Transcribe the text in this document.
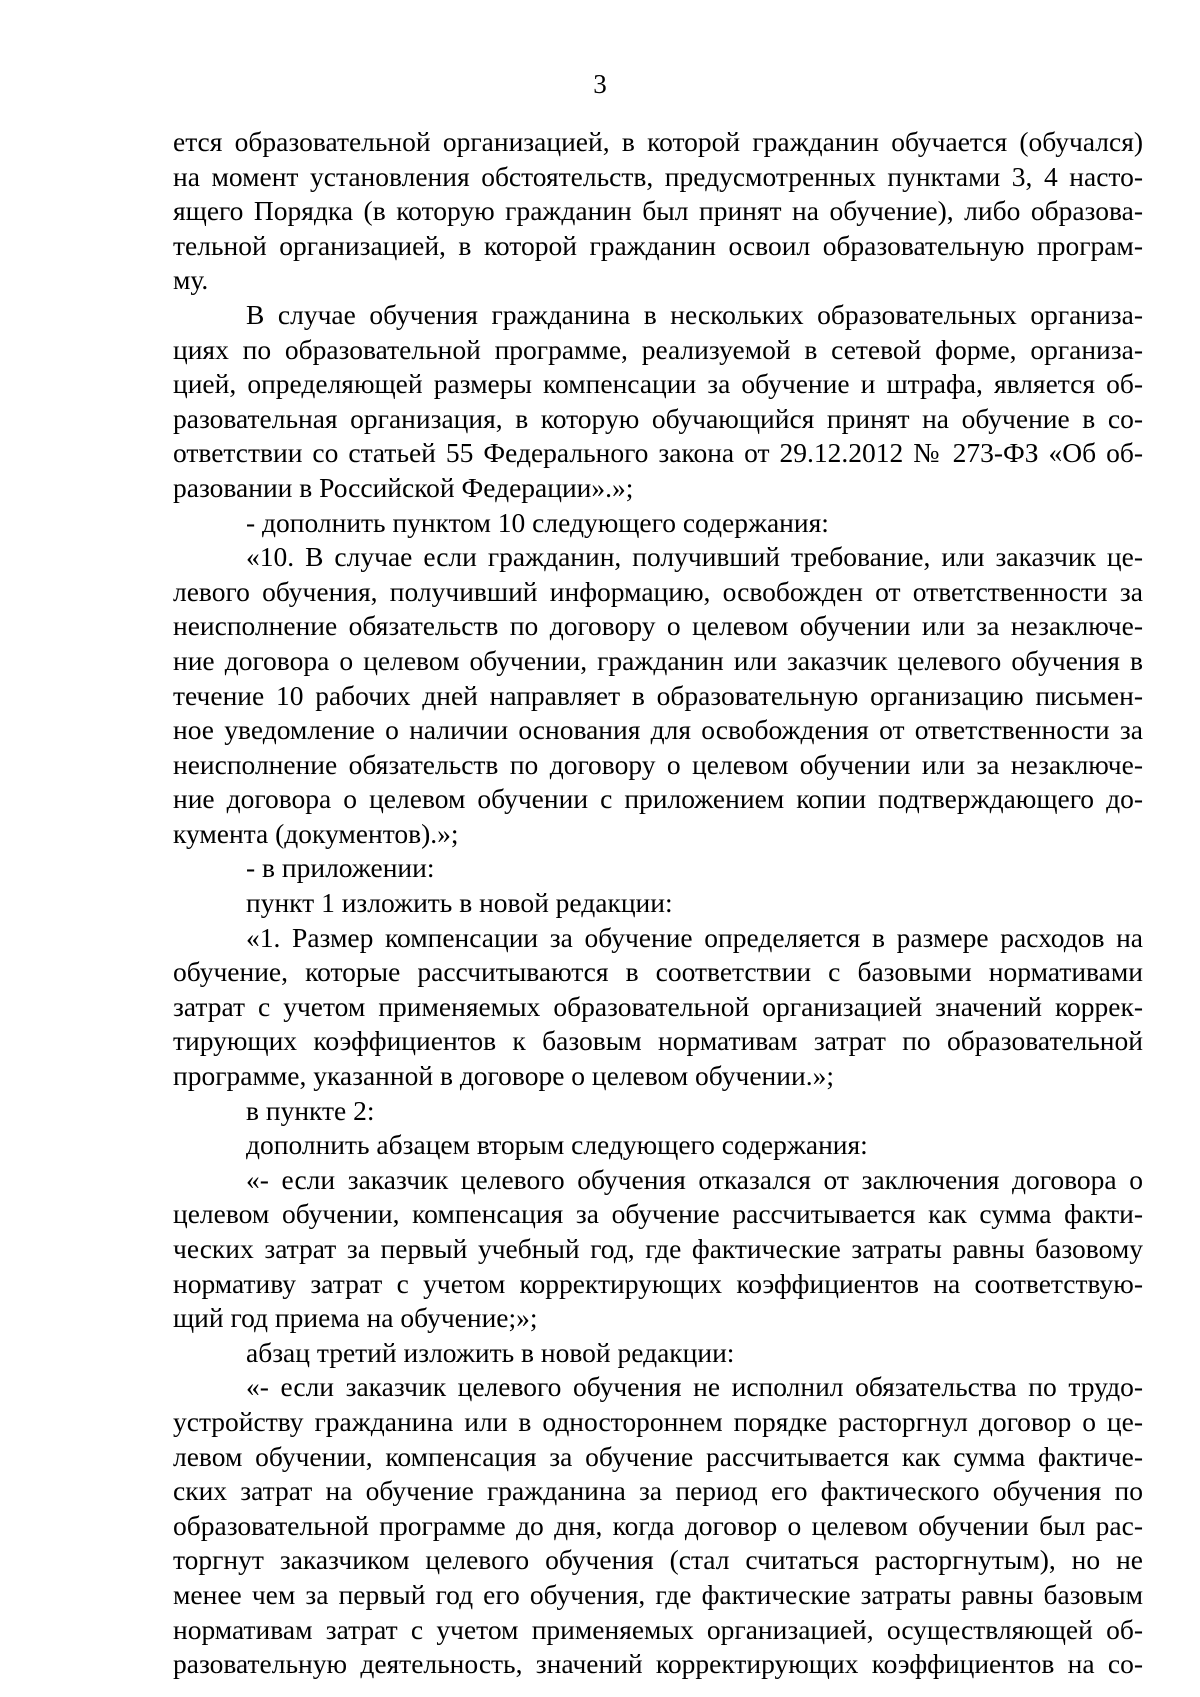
3
ется образовательной организацией, в которой гражданин обучается (обучался)
на момент установления обстоятельств, предусмотренных пунктами 3, 4 насто-
ящего Порядка (в которую гражданин был принят на обучение), либо образова-
тельной организацией, в которой гражданин освоил образовательную програм-
му.
В случае обучения гражданина в нескольких образовательных организа-
циях по образовательной программе, реализуемой в сетевой форме, организа-
цией, определяющей размеры компенсации за обучение и штрафа, является об-
разовательная организация, в которую обучающийся принят на обучение в со-
ответствии со статьей 55 Федерального закона от 29.12.2012 № 273-ФЗ «Об об-
разовании в Российской Федерации».»;
- дополнить пунктом 10 следующего содержания:
«10. В случае если гражданин, получивший требование, или заказчик це-
левого обучения, получивший информацию, освобожден от ответственности за
неисполнение обязательств по договору о целевом обучении или за незаключе-
ние договора о целевом обучении, гражданин или заказчик целевого обучения в
течение 10 рабочих дней направляет в образовательную организацию письмен-
ное уведомление о наличии основания для освобождения от ответственности за
неисполнение обязательств по договору о целевом обучении или за незаключе-
ние договора о целевом обучении с приложением копии подтверждающего до-
кумента (документов).»;
- в приложении:
пункт 1 изложить в новой редакции:
«1. Размер компенсации за обучение определяется в размере расходов на
обучение, которые рассчитываются в соответствии с базовыми нормативами
затрат с учетом применяемых образовательной организацией значений коррек-
тирующих коэффициентов к базовым нормативам затрат по образовательной
программе, указанной в договоре о целевом обучении.»;
в пункте 2:
дополнить абзацем вторым следующего содержания:
«- если заказчик целевого обучения отказался от заключения договора о
целевом обучении, компенсация за обучение рассчитывается как сумма факти-
ческих затрат за первый учебный год, где фактические затраты равны базовому
нормативу затрат с учетом корректирующих коэффициентов на соответствую-
щий год приема на обучение;»;
абзац третий изложить в новой редакции:
«- если заказчик целевого обучения не исполнил обязательства по трудо-
устройству гражданина или в одностороннем порядке расторгнул договор о це-
левом обучении, компенсация за обучение рассчитывается как сумма фактиче-
ских затрат на обучение гражданина за период его фактического обучения по
образовательной программе до дня, когда договор о целевом обучении был рас-
торгнут заказчиком целевого обучения (стал считаться расторгнутым), но не
менее чем за первый год его обучения, где фактические затраты равны базовым
нормативам затрат с учетом применяемых организацией, осуществляющей об-
разовательную деятельность, значений корректирующих коэффициентов на со-
